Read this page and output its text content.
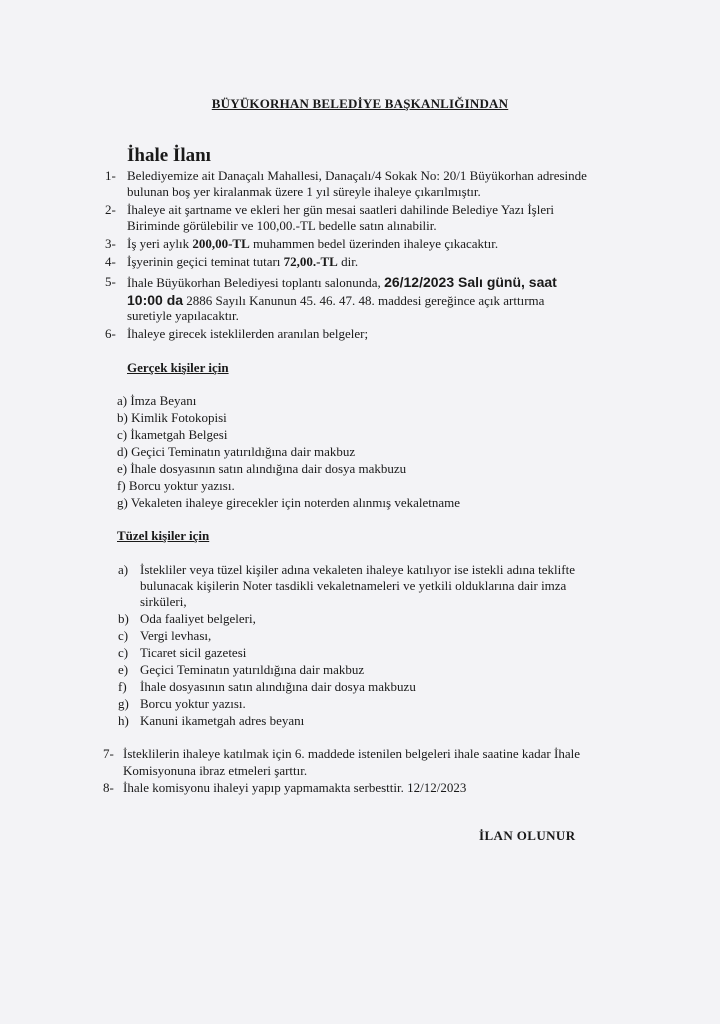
BÜYÜKORHAN BELEDİYE BAŞKANLIĞINDAN
İhale İlanı
1- Belediyemize ait Danaçalı Mahallesi, Danaçalı/4 Sokak No: 20/1 Büyükorhan adresinde
bulunan boş yer kiralanmak üzere 1 yıl süreyle ihaleye çıkarılmıştır.
2- İhaleye ait şartname ve ekleri her gün mesai saatleri dahilinde Belediye Yazı İşleri
Biriminde görülebilir ve 100,00.-TL bedelle satın alınabilir.
3- İş yeri aylık 200,00-TL muhammen bedel üzerinden ihaleye çıkacaktır.
4- İşyerinin geçici teminat tutarı 72,00.-TL dir.
5- İhale Büyükorhan Belediyesi toplantı salonunda, 26/12/2023 Salı günü, saat
10:00 da 2886 Sayılı Kanunun 45. 46. 47. 48. maddesi gereğince açık arttırma
suretiyle yapılacaktır.
6- İhaleye girecek isteklilerden aranılan belgeler;
Gerçek kişiler için
a) İmza Beyanı
b) Kimlik Fotokopisi
c) İkametgah Belgesi
d) Geçici Teminatın yatırıldığına dair makbuz
e) İhale dosyasının satın alındığına dair dosya makbuzu
f) Borcu yoktur yazısı.
g) Vekaleten ihaleye girecekler için noterden alınmış vekaletname
Tüzel kişiler için
a) İstekliler veya tüzel kişiler adına vekaleten ihaleye katılıyor ise istekli adına teklifte
bulunacak kişilerin Noter tasdikli vekaletnameleri ve yetkili olduklarına dair imza
sirküleri,
b) Oda faaliyet belgeleri,
c) Vergi levhası,
c) Ticaret sicil gazetesi
e) Geçici Teminatın yatırıldığına dair makbuz
f) İhale dosyasının satın alındığına dair dosya makbuzu
g) Borcu yoktur yazısı.
h) Kanuni ikametgah adres beyanı
7- İsteklilerin ihaleye katılmak için 6. maddede istenilen belgeleri ihale saatine kadar İhale
Komisyonuna ibraz etmeleri şarttır.
8- İhale komisyonu ihaleyi yapıp yapmamakta serbesttir. 12/12/2023
İLAN OLUNUR
